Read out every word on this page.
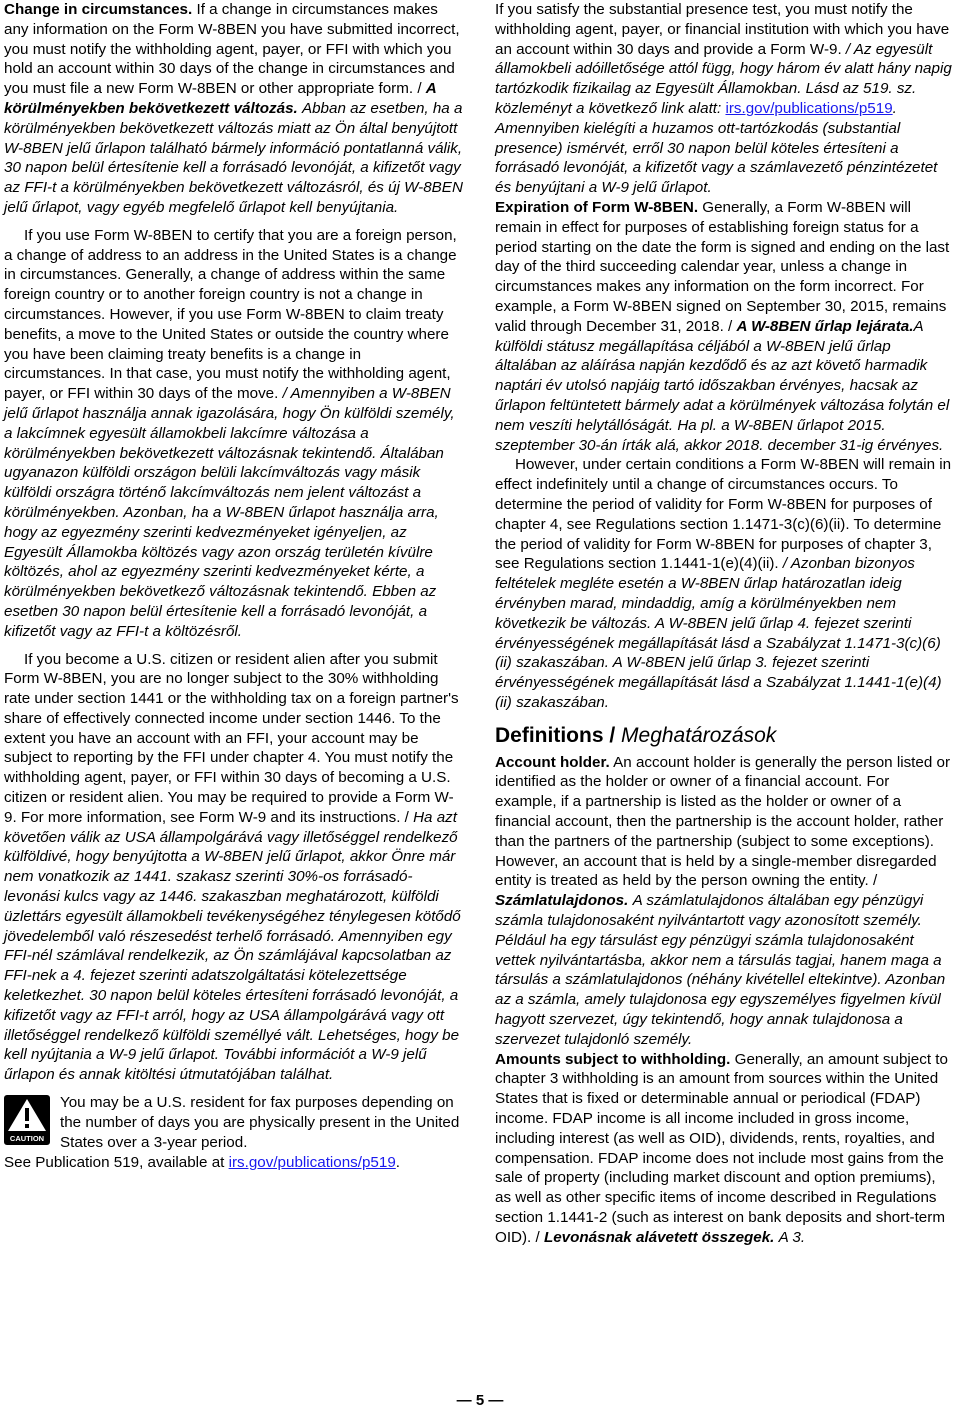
Change in circumstances. If a change in circumstances makes any information on the Form W-8BEN you have submitted incorrect, you must notify the withholding agent, payer, or FFI with which you hold an account within 30 days of the change in circumstances and you must file a new Form W-8BEN or other appropriate form. / A körülményekben bekövetkezett változás. Abban az esetben, ha a körülményekben bekövetkezett változás miatt az Ön által benyújtott W-8BEN jelű űrlapon található bármely információ pontatlanná válik, 30 napon belül értesítenie kell a forrásadó levonóját, a kifizetőt vagy az FFI-t a körülményekben bekövetkezett változásról, és új W-8BEN jelű űrlapot, vagy egyéb megfelelő űrlapot kell benyújtania.

If you use Form W-8BEN to certify that you are a foreign person, a change of address to an address in the United States is a change in circumstances. Generally, a change of address within the same foreign country or to another foreign country is not a change in circumstances. However, if you use Form W-8BEN to claim treaty benefits, a move to the United States or outside the country where you have been claiming treaty benefits is a change in circumstances. In that case, you must notify the withholding agent, payer, or FFI within 30 days of the move. / Amennyiben a W-8BEN jelű űrlapot használja annak igazolására, hogy Ön külföldi személy, a lakcímnek egyesült államokbeli lakcímre változása a körülményekben bekövetkezett változásnak tekintendő. Általában ugyanazon külföldi országon belüli lakcímváltozás vagy másik külföldi országra történő lakcímváltozás nem jelent változást a körülményekben. Azonban, ha a W-8BEN űrlapot használja arra, hogy az egyezmény szerinti kedvezményeket igényeljen, az Egyesült Államokba költözés vagy azon ország területén kívülre költözés, ahol az egyezmény szerinti kedvezményeket kérte, a körülményekben bekövetkező változásnak tekintendő. Ebben az esetben 30 napon belül értesítenie kell a forrásadó levonóját, a kifizetőt vagy az FFI-t a költözésről.

If you become a U.S. citizen or resident alien after you submit Form W-8BEN, you are no longer subject to the 30% withholding rate under section 1441 or the withholding tax on a foreign partner's share of effectively connected income under section 1446. To the extent you have an account with an FFI, your account may be subject to reporting by the FFI under chapter 4. You must notify the withholding agent, payer, or FFI within 30 days of becoming a U.S. citizen or resident alien. You may be required to provide a Form W-9. For more information, see Form W-9 and its instructions. / Ha azt követően válik az USA állampolgárává vagy illetőséggel rendelkező külföldivé, hogy benyújtotta a W-8BEN jelű űrlapot, akkor Önre már nem vonatkozik az 1441. szakasz szerinti 30%-os forrásadó-levonási kulcs vagy az 1446. szakaszban meghatározott, külföldi üzlettárs egyesült államokbeli tevékenységéhez ténylegesen kötődő jövedelemből való részesedést terhelő forrásadó. Amennyiben egy FFI-nél számlával rendelkezik, az Ön számlájával kapcsolatban az FFI-nek a 4. fejezet szerinti adatszolgáltatási kötelezettsége keletkezhet. 30 napon belül köteles értesíteni forrásadó levonóját, a kifizetőt vagy az FFI-t arról, hogy az USA állampolgárává vagy ott illetőséggel rendelkező külföldi személlyé vált. Lehetséges, hogy be kell nyújtania a W-9 jelű űrlapot. További információt a W-9 jelű űrlapon és annak kitöltési útmutatójában találhat.

CAUTION

You may be a U.S. resident for fax purposes depending on the number of days you are physically present in the United States over a 3-year period.

See Publication 519, available at irs.gov/publications/p519.

If you satisfy the substantial presence test, you must notify the withholding agent, payer, or financial institution with which you have an account within 30 days and provide a Form W-9. / Az egyesült államokbeli adóilletősége attól függ, hogy három év alatt hány napig tartózkodik fizikailag az Egyesült Államokban. Lásd az 519. sz. közleményt a következő link alatt: irs.gov/publications/p519. Amennyiben kielégíti a huzamos ott-tartózkodás (substantial presence) ismérvét, erről 30 napon belül köteles értesíteni a forrásadó levonóját, a kifizetőt vagy a számlavezető pénzintézetet és benyújtani a W-9 jelű űrlapot.

Expiration of Form W-8BEN. Generally, a Form W-8BEN will remain in effect for purposes of establishing foreign status for a period starting on the date the form is signed and ending on the last day of the third succeeding calendar year, unless a change in circumstances makes any information on the form incorrect. For example, a Form W-8BEN signed on September 30, 2015, remains valid through December 31, 2018. / A W-8BEN űrlap lejárata.A külföldi státusz megállapítása céljából a W-8BEN jelű űrlap általában az aláírása napján kezdődő és az azt követő harmadik naptári év utolsó napjáig tartó időszakban érvényes, hacsak az űrlapon feltüntetett bármely adat a körülmények változása folytán el nem veszíti helytállóságát. Ha pl. a W-8BEN űrlapot 2015. szeptember 30-án írták alá, akkor 2018. december 31-ig érvényes.

However, under certain conditions a Form W-8BEN will remain in effect indefinitely until a change of circumstances occurs. To determine the period of validity for Form W-8BEN for purposes of chapter 4, see Regulations section 1.1471-3(c)(6)(ii). To determine the period of validity for Form W-8BEN for purposes of chapter 3, see Regulations section 1.1441-1(e)(4)(ii). / Azonban bizonyos feltételek megléte esetén a W-8BEN űrlap határozatlan ideig érvényben marad, mindaddig, amíg a körülményekben nem következik be változás. A W-8BEN jelű űrlap 4. fejezet szerinti érvényességének megállapítását lásd a Szabályzat 1.1471-3(c)(6)(ii) szakaszában. A W-8BEN jelű űrlap 3. fejezet szerinti érvényességének megállapítását lásd a Szabályzat 1.1441-1(e)(4)(ii) szakaszában.

Definitions / Meghatározások

Account holder. An account holder is generally the person listed or identified as the holder or owner of a financial account. For example, if a partnership is listed as the holder or owner of a financial account, then the partnership is the account holder, rather than the partners of the partnership (subject to some exceptions). However, an account that is held by a single-member disregarded entity is treated as held by the person owning the entity. / Számlatulajdonos. A számlatulajdonos általában egy pénzügyi számla tulajdonosaként nyilvántartott vagy azonosított személy. Például ha egy társulást egy pénzügyi számla tulajdonosaként vettek nyilvántartásba, akkor nem a társulás tagjai, hanem maga a társulás a számlatulajdonos (néhány kivétellel eltekintve). Azonban az a számla, amely tulajdonosa egy egyszemélyes figyelmen kívül hagyott szervezet, úgy tekintendő, hogy annak tulajdonosa a szervezet tulajdonló személy.

Amounts subject to withholding. Generally, an amount subject to chapter 3 withholding is an amount from sources within the United States that is fixed or determinable annual or periodical (FDAP) income. FDAP income is all income included in gross income, including interest (as well as OID), dividends, rents, royalties, and compensation. FDAP income does not include most gains from the sale of property (including market discount and option premiums), as well as other specific items of income described in Regulations section 1.1441-2 (such as interest on bank deposits and short-term OID). / Levonásnak alávetett összegek. A 3.

— 5 —
